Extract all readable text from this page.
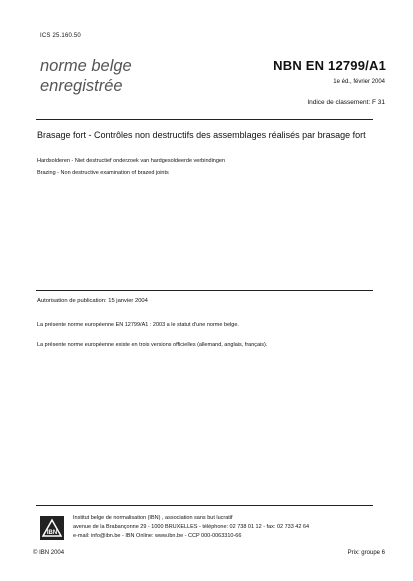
ICS 25.160.50
norme belge
enregistrée
NBN EN 12799/A1
1e éd., février 2004
Indice de classement: F 31
Brasage fort - Contrôles non destructifs des assemblages réalisés par brasage fort
Hardsolderen - Niet destructief onderzoek van hardgesoldeerde verbindingen
Brazing - Non destructive examination of brazed joints
Autorisation de publication: 15 janvier 2004
La présente norme européenne EN 12799/A1 : 2003 a le statut d'une norme belge.
La présente norme européenne existe en trois versions officielles (allemand, anglais, français).
IBN
Institut belge de normalisation (IBN) , association sans but lucratif
avenue de la Brabançonne 29 - 1000 BRUXELLES - téléphone: 02 738 01 12 - fax: 02 733 42 64
e-mail: info@ibn.be - IBN Online: www.ibn.be - CCP 000-0063310-66
© IBN 2004	Prix: groupe 6
